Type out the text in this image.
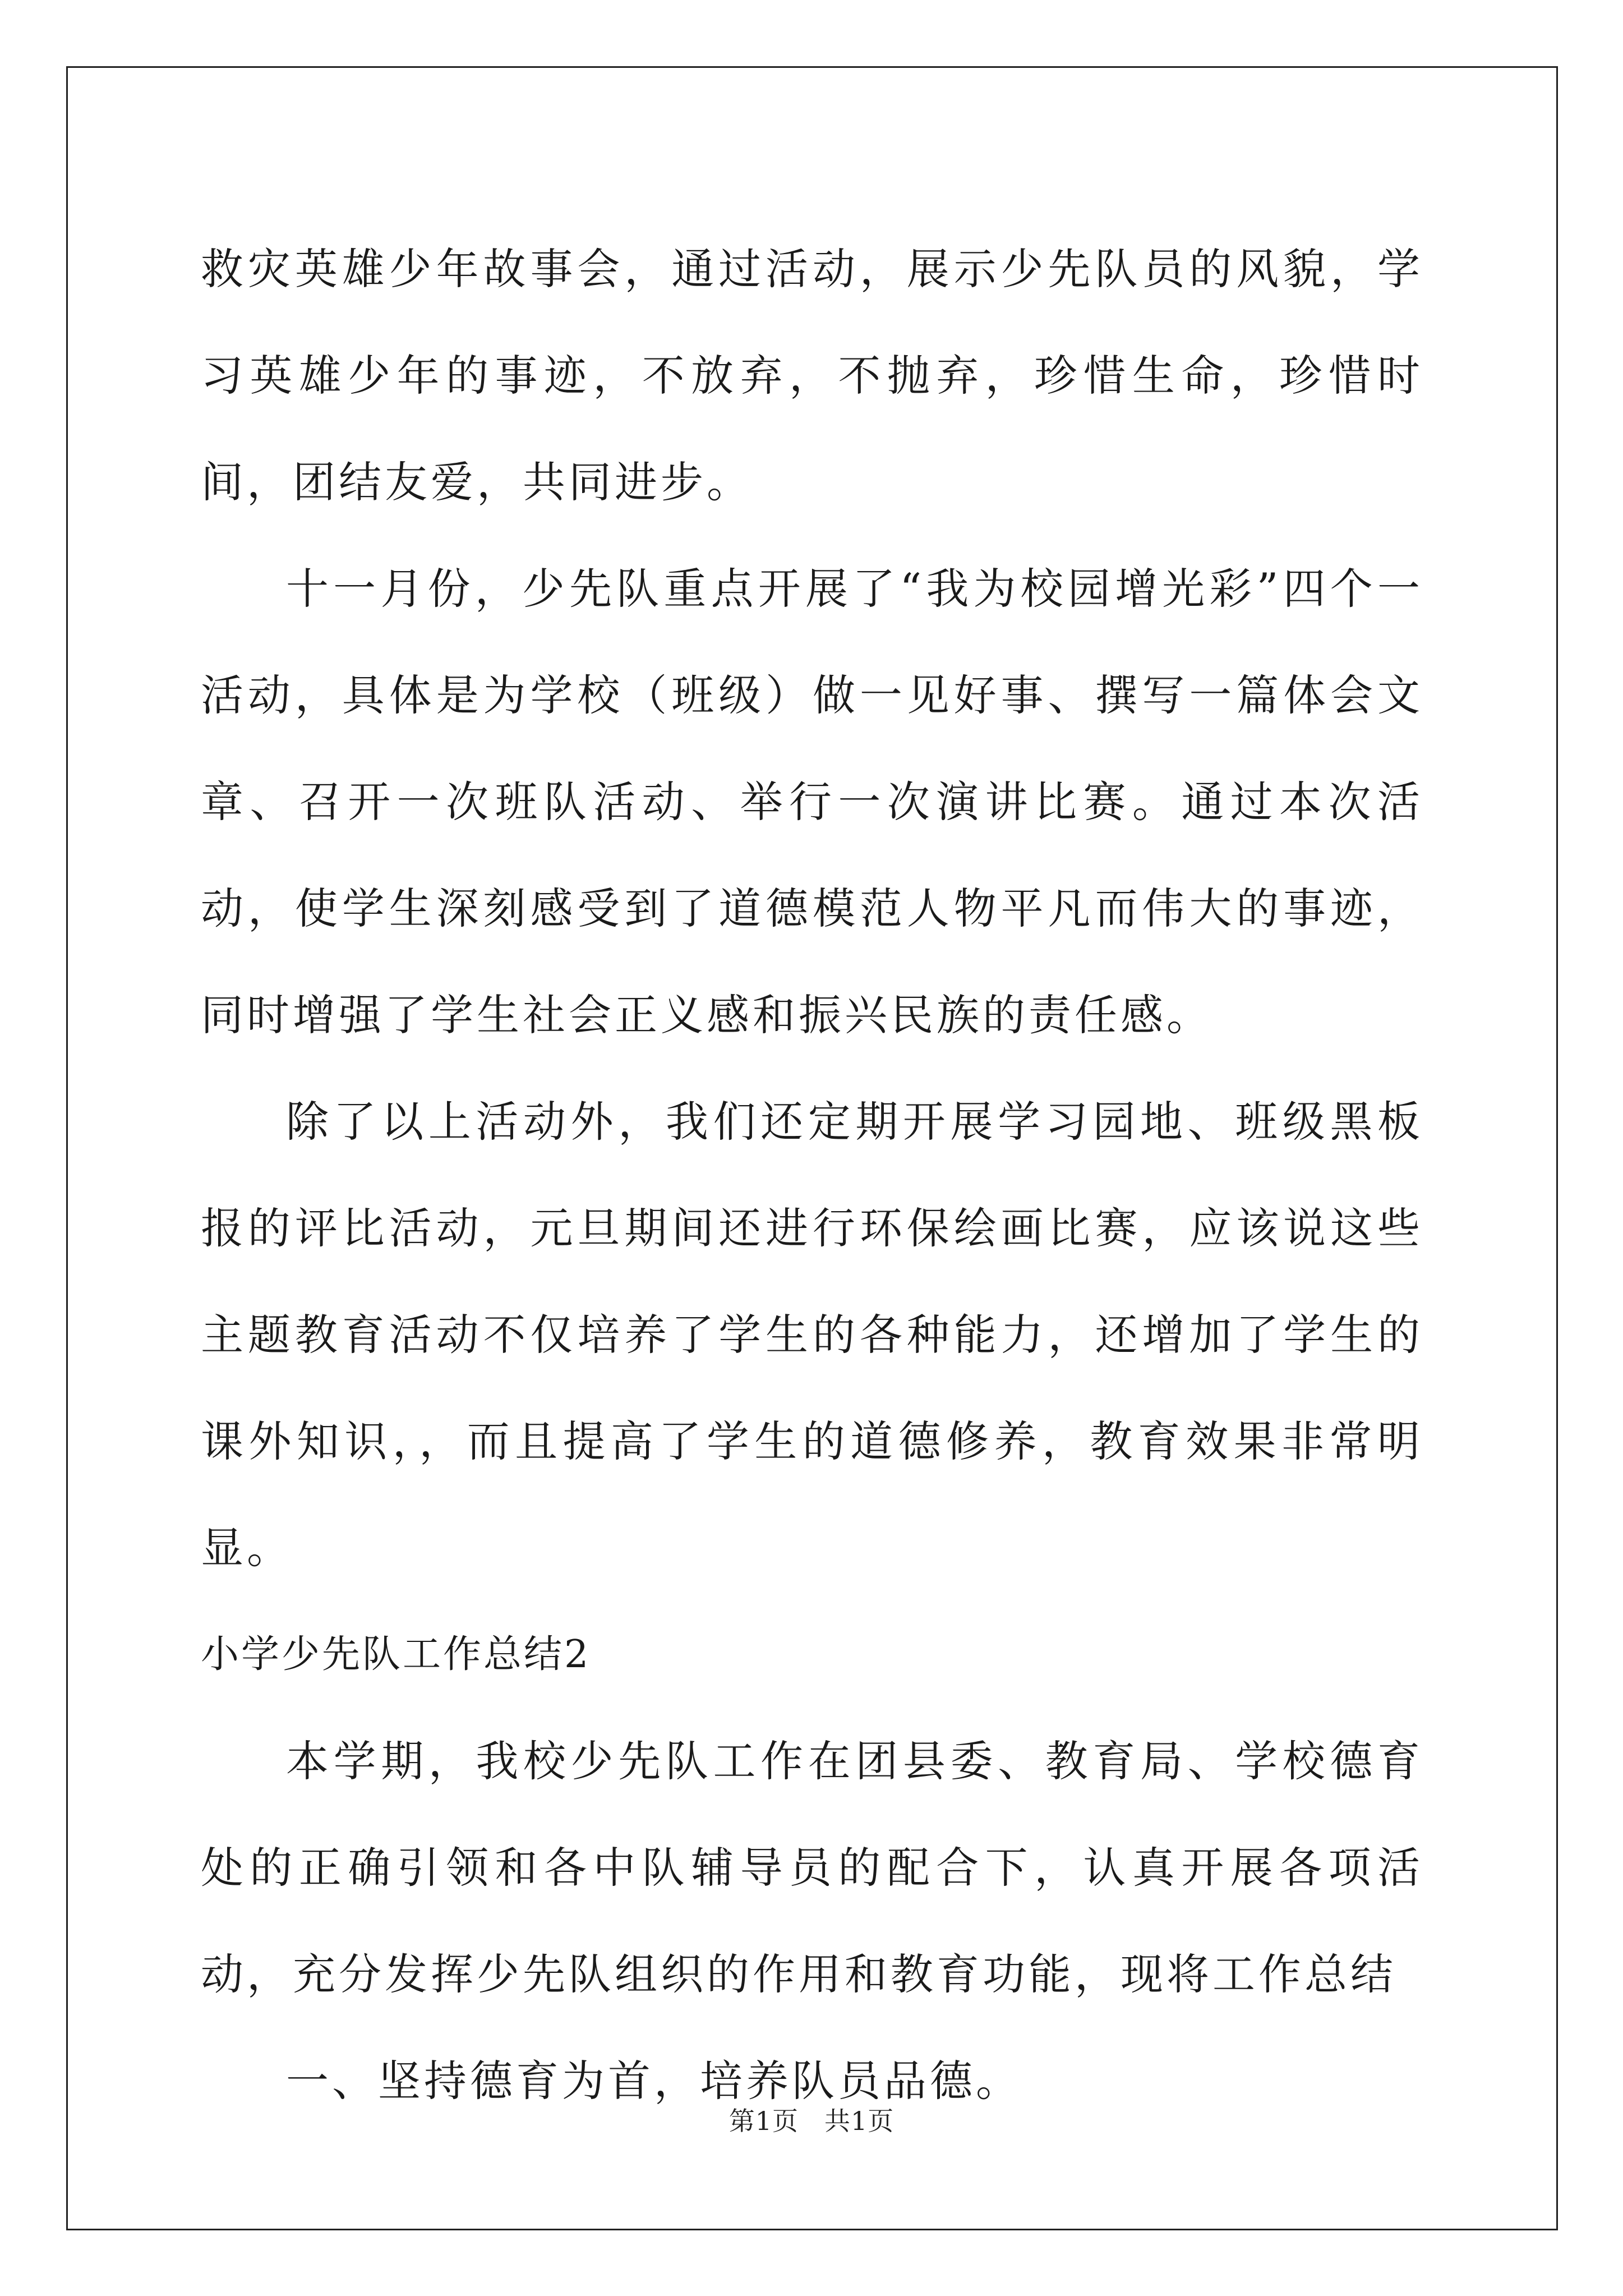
救灾英雄少年故事会，通过活动，展示少先队员的风貌，学习英雄少年的事迹，不放弃，不抛弃，珍惜生命，珍惜时间，团结友爱，共同进步。

十一月份，少先队重点开展了“我为校园增光彩”四个一活动，具体是为学校（班级）做一见好事、撰写一篇体会文章、召开一次班队活动、举行一次演讲比赛。通过本次活动，使学生深刻感受到了道德模范人物平凡而伟大的事迹，同时增强了学生社会正义感和振兴民族的责任感。

除了以上活动外，我们还定期开展学习园地、班级黑板报的评比活动，元旦期间还进行环保绘画比赛，应该说这些主题教育活动不仅培养了学生的各种能力，还增加了学生的课外知识，，而且提高了学生的道德修养，教育效果非常明显。

小学少先队工作总结2

本学期，我校少先队工作在团县委、教育局、学校德育处的正确引领和各中队辅导员的配合下，认真开展各项活动，充分发挥少先队组织的作用和教育功能，现将工作总结

一、坚持德育为首，培养队员品德。

第1页 共1页
